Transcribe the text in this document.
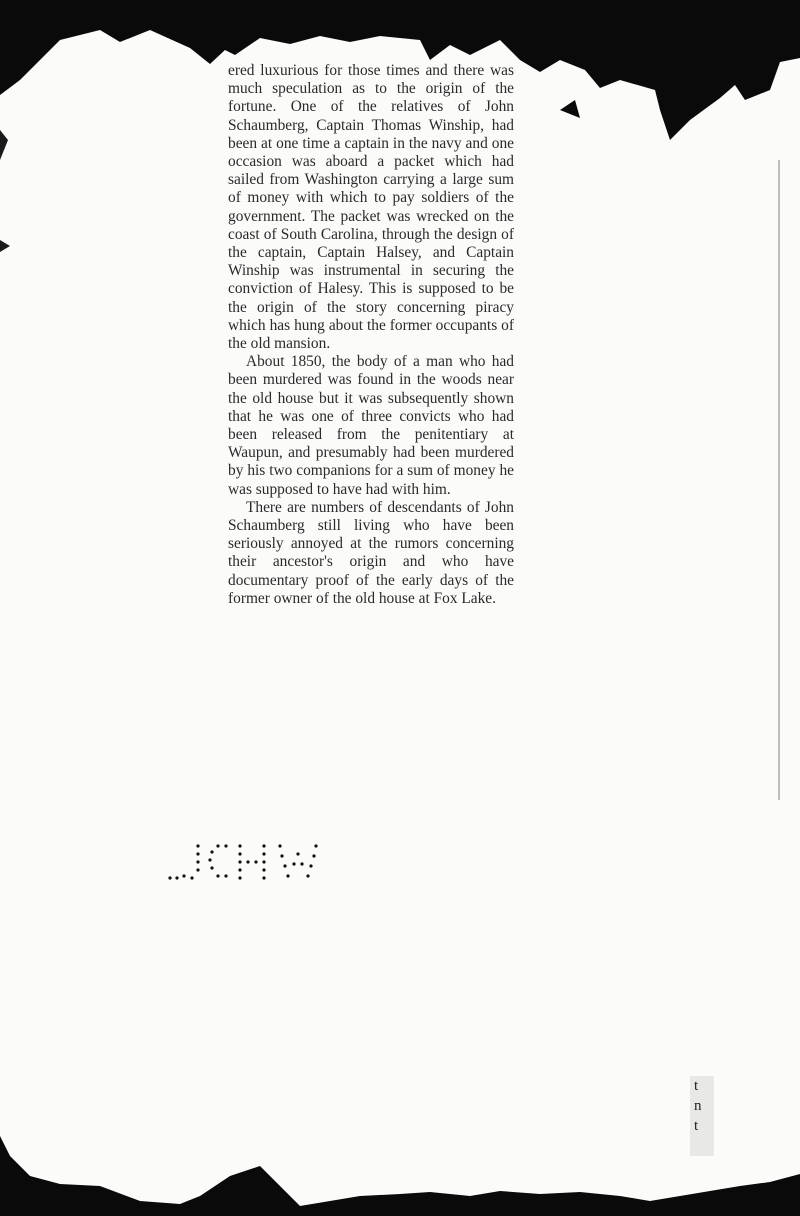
ered luxurious for those times and there was much speculation as to the origin of the fortune. One of the relatives of John Schaumberg, Captain Thomas Winship, had been at one time a captain in the navy and one occasion was aboard a packet which had sailed from Washington carrying a large sum of money with which to pay soldiers of the government. The packet was wrecked on the coast of South Carolina, through the design of the captain, Captain Halsey, and Captain Winship was instrumental in securing the conviction of Halesy. This is supposed to be the origin of the story concerning piracy which has hung about the former occupants of the old mansion.

About 1850, the body of a man who had been murdered was found in the woods near the old house but it was subsequently shown that he was one of three convicts who had been released from the penitentiary at Waupun, and presumably had been murdered by his two companions for a sum of money he was supposed to have had with him.

There are numbers of descendants of John Schaumberg still living who have been seriously annoyed at the rumors concerning their ancestor's origin and who have documentary proof of the early days of the former owner of the old house at Fox Lake.

t
n
t
